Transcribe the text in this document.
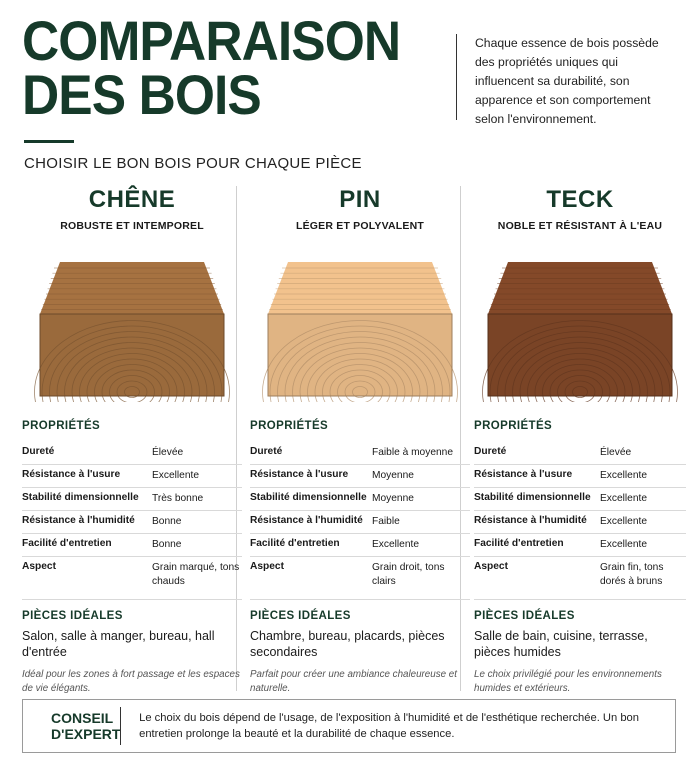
COMPARAISON
DES BOIS
CHOISIR LE BON BOIS POUR CHAQUE PIÈCE
Chaque essence de bois possède des propriétés uniques qui influencent sa durabilité, son apparence et son comportement selon l'environnement.
CHÊNE
ROBUSTE ET INTEMPOREL
PROPRIÉTÉS
Dureté	Élevée
Résistance à l'usure	Excellente
Stabilité dimensionnelle	Très bonne
Résistance à l'humidité	Bonne
Facilité d'entretien	Bonne
Aspect	Grain marqué, tons chauds
PIÈCES IDÉALES
Salon, salle à manger, bureau, hall d'entrée
Idéal pour les zones à fort passage et les espaces de vie élégants.
PIN
LÉGER ET POLYVALENT
PROPRIÉTÉS
Dureté	Faible à moyenne
Résistance à l'usure	Moyenne
Stabilité dimensionnelle Moyenne
Résistance à l'humidité Faible
Facilité d'entretien	Excellente
Aspect	Grain droit, tons clairs
PIÈCES IDÉALES
Chambre, bureau, placards, pièces secondaires
Parfait pour créer une ambiance chaleureuse et naturelle.
TECK
NOBLE ET RÉSISTANT À L'EAU
PROPRIÉTÉS
Dureté	Élevée
Résistance à l'usure	Excellente
Stabilité dimensionnelle Excellente
Résistance à l'humidité	Excellente
Facilité d'entretien	Excellente
Aspect	Grain fin, tons dorés à bruns
PIÈCES IDÉALES
Salle de bain, cuisine, terrasse, pièces humides
Le choix privilégié pour les environnements humides et extérieurs.
CONSEIL D'EXPERT
Le choix du bois dépend de l'usage, de l'exposition à l'humidité et de l'esthétique recherchée. Un bon entretien prolonge la beauté et la durabilité de chaque essence.
